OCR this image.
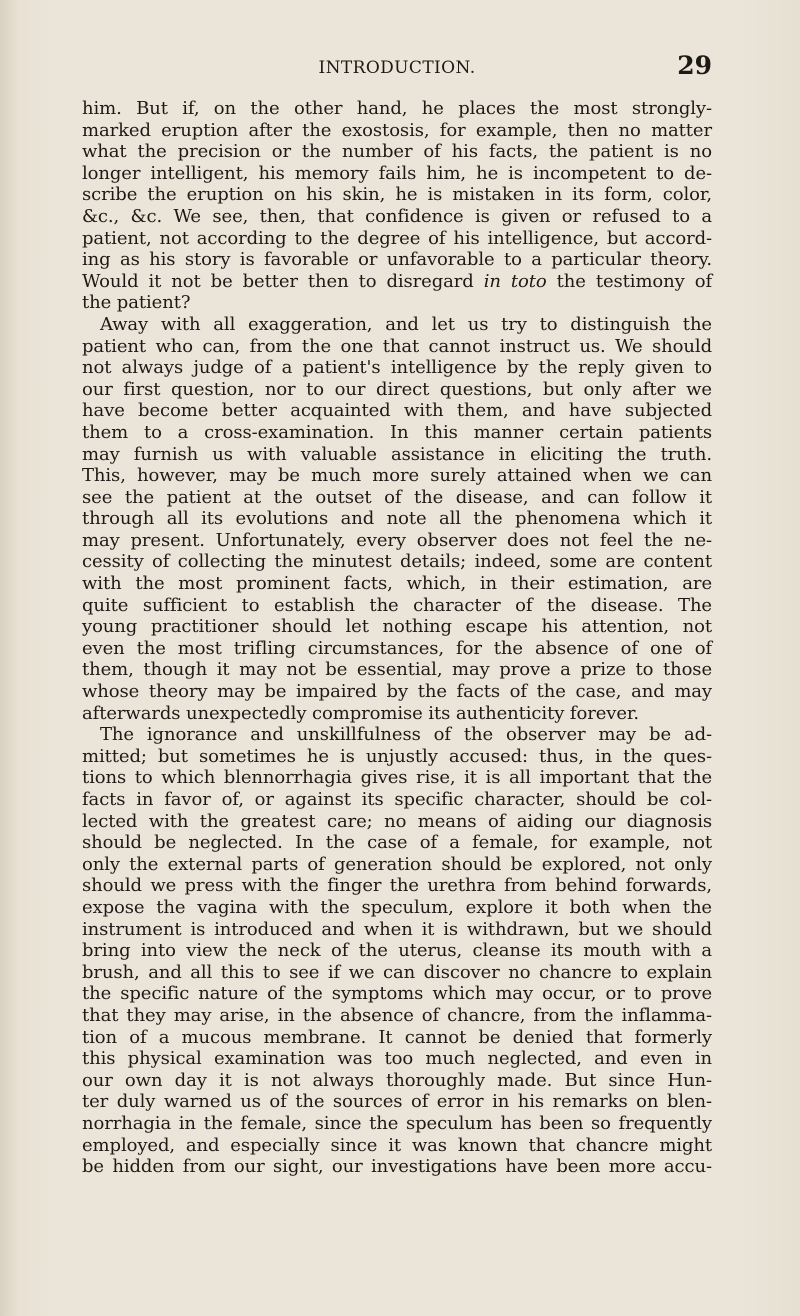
INTRODUCTION.	29
him. But if, on the other hand, he places the most strongly-
marked eruption after the exostosis, for example, then no matter
what the precision or the number of his facts, the patient is no
longer intelligent, his memory fails him, he is incompetent to de-
scribe the eruption on his skin, he is mistaken in its form, color,
&c., &c. We see, then, that confidence is given or refused to a
patient, not according to the degree of his intelligence, but accord-
ing as his story is favorable or unfavorable to a particular theory.
Would it not be better then to disregard in toto the testimony of
the patient?
Away with all exaggeration, and let us try to distinguish the
patient who can, from the one that cannot instruct us. We should
not always judge of a patient's intelligence by the reply given to
our first question, nor to our direct questions, but only after we
have become better acquainted with them, and have subjected
them to a cross-examination. In this manner certain patients
may furnish us with valuable assistance in eliciting the truth.
This, however, may be much more surely attained when we can
see the patient at the outset of the disease, and can follow it
through all its evolutions and note all the phenomena which it
may present. Unfortunately, every observer does not feel the ne-
cessity of collecting the minutest details; indeed, some are content
with the most prominent facts, which, in their estimation, are
quite sufficient to establish the character of the disease. The
young practitioner should let nothing escape his attention, not
even the most trifling circumstances, for the absence of one of
them, though it may not be essential, may prove a prize to those
whose theory may be impaired by the facts of the case, and may
afterwards unexpectedly compromise its authenticity forever.
The ignorance and unskillfulness of the observer may be ad-
mitted; but sometimes he is unjustly accused: thus, in the ques-
tions to which blennorrhagia gives rise, it is all important that the
facts in favor of, or against its specific character, should be col-
lected with the greatest care; no means of aiding our diagnosis
should be neglected. In the case of a female, for example, not
only the external parts of generation should be explored, not only
should we press with the finger the urethra from behind forwards,
expose the vagina with the speculum, explore it both when the
instrument is introduced and when it is withdrawn, but we should
bring into view the neck of the uterus, cleanse its mouth with a
brush, and all this to see if we can discover no chancre to explain
the specific nature of the symptoms which may occur, or to prove
that they may arise, in the absence of chancre, from the inflamma-
tion of a mucous membrane. It cannot be denied that formerly
this physical examination was too much neglected, and even in
our own day it is not always thoroughly made. But since Hun-
ter duly warned us of the sources of error in his remarks on blen-
norrhagia in the female, since the speculum has been so frequently
employed, and especially since it was known that chancre might
be hidden from our sight, our investigations have been more accu-
